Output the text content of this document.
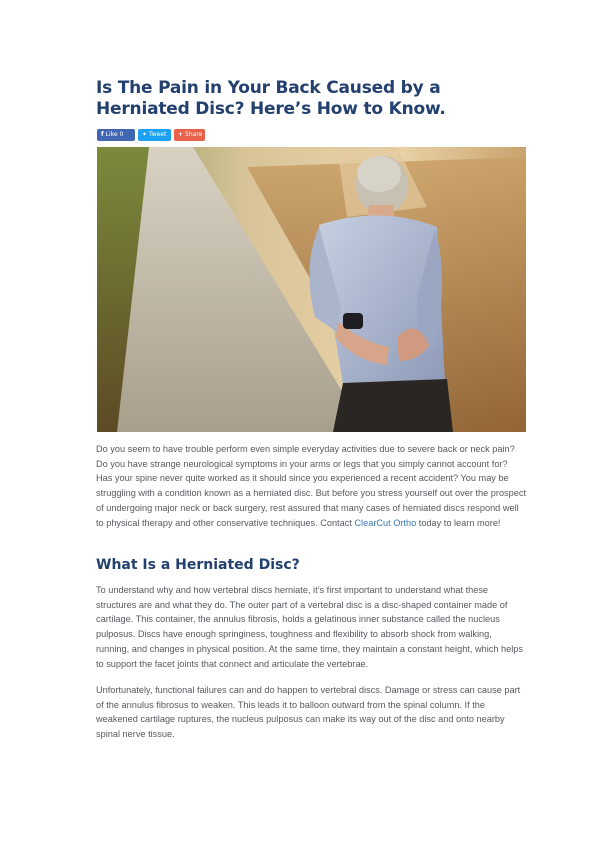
Is The Pain in Your Back Caused by a Herniated Disc? Here’s How to Know.
f Like 0	✦ Tweet + Share

Do you seem to have trouble perform even simple everyday activities due to severe back or neck pain? Do you have strange neurological symptoms in your arms or legs that you simply cannot account for? Has your spine never quite worked as it should since you experienced a recent accident? You may be struggling with a condition known as a herniated disc. But before you stress yourself out over the prospect of undergoing major neck or back surgery, rest assured that many cases of herniated discs respond well to physical therapy and other conservative techniques. Contact ClearCut Ortho today to learn more!

What Is a Herniated Disc?

To understand why and how vertebral discs herniate, it’s first important to understand what these structures are and what they do. The outer part of a vertebral disc is a disc-shaped container made of cartilage. This container, the annulus fibrosis, holds a gelatinous inner substance called the nucleus pulposus. Discs have enough springiness, toughness and flexibility to absorb shock from walking, running, and changes in physical position. At the same time, they maintain a constant height, which helps to support the facet joints that connect and articulate the vertebrae.

Unfortunately, functional failures can and do happen to vertebral discs. Damage or stress can cause part of the annulus fibrosus to weaken. This leads it to balloon outward from the spinal column. If the weakened cartilage ruptures, the nucleus pulposus can make its way out of the disc and onto nearby spinal nerve tissue.
